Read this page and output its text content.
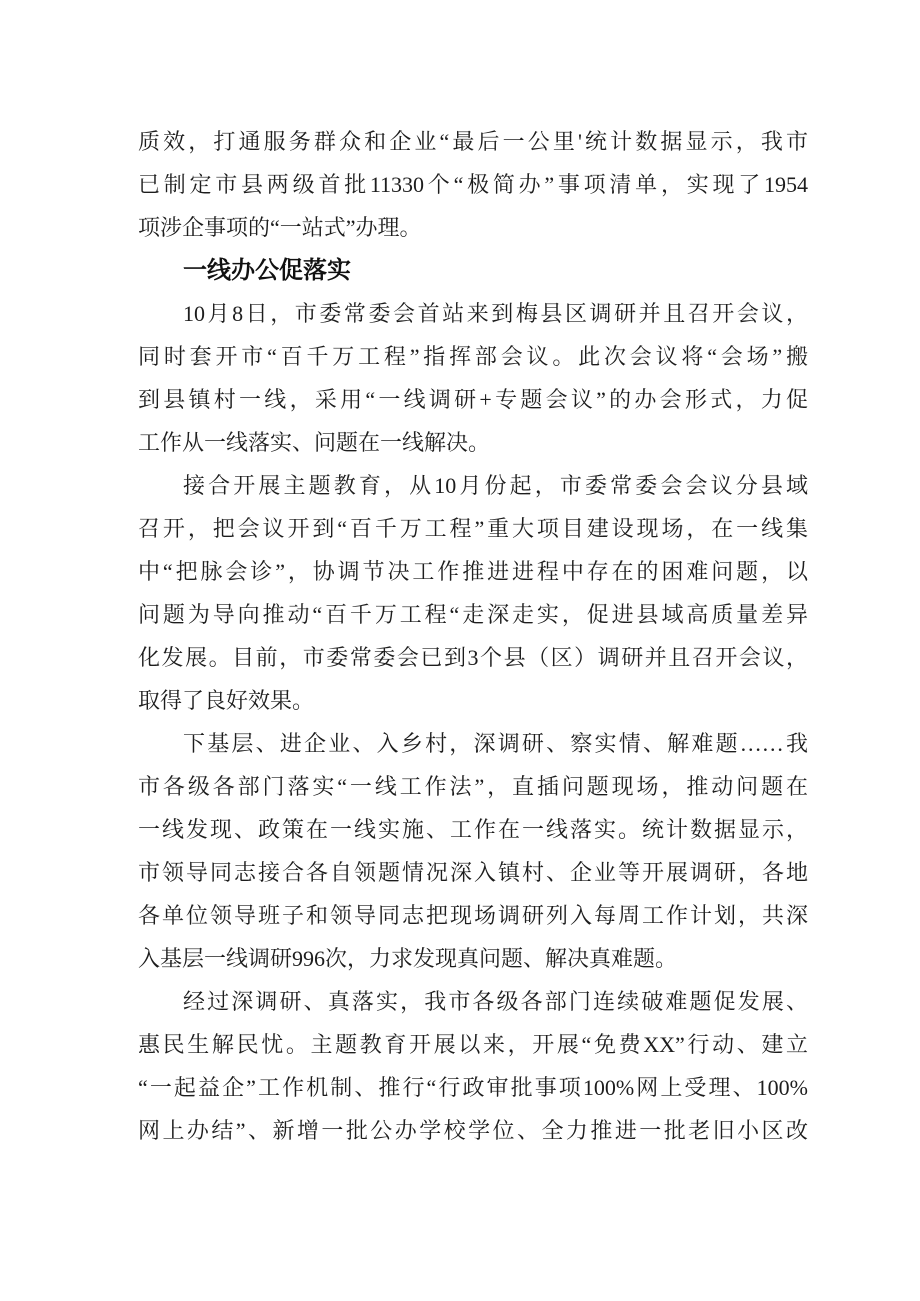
质效，打通服务群众和企业“最后一公里'统计数据显示，我市
已制定市县两级首批11330个“极简办”事项清单，实现了1954
项涉企事项的“一站式”办理。
一线办公促落实
10月8日，市委常委会首站来到梅县区调研并且召开会议，
同时套开市“百千万工程”指挥部会议。此次会议将“会场”搬
到县镇村一线，采用“一线调研+专题会议”的办会形式，力促
工作从一线落实、问题在一线解决。
接合开展主题教育，从10月份起，市委常委会会议分县域
召开，把会议开到“百千万工程”重大项目建设现场，在一线集
中“把脉会诊”，协调节决工作推进进程中存在的困难问题，以
问题为导向推动“百千万工程“走深走实，促进县域高质量差异
化发展。目前，市委常委会已到3个县（区）调研并且召开会议，
取得了良好效果。
下基层、进企业、入乡村，深调研、察实情、解难题……我
市各级各部门落实“一线工作法”，直插问题现场，推动问题在
一线发现、政策在一线实施、工作在一线落实。统计数据显示，
市领导同志接合各自领题情况深入镇村、企业等开展调研，各地
各单位领导班子和领导同志把现场调研列入每周工作计划，共深
入基层一线调研996次，力求发现真问题、解决真难题。
经过深调研、真落实，我市各级各部门连续破难题促发展、
惠民生解民忧。主题教育开展以来，开展“免费XX”行动、建立
“一起益企”工作机制、推行“行政审批事项100%网上受理、100%
网上办结”、新增一批公办学校学位、全力推进一批老旧小区改
